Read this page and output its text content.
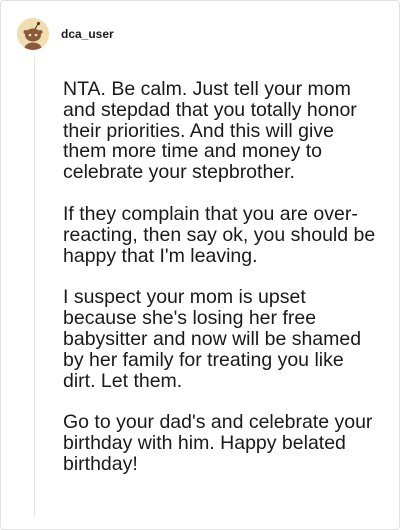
dca_user

NTA. Be calm. Just tell your mom and stepdad that you totally honor their priorities. And this will give them more time and money to celebrate your stepbrother.

If they complain that you are over-reacting, then say ok, you should be happy that I'm leaving.

I suspect your mom is upset because she's losing her free babysitter and now will be shamed by her family for treating you like dirt. Let them.

Go to your dad's and celebrate your birthday with him. Happy belated birthday!
